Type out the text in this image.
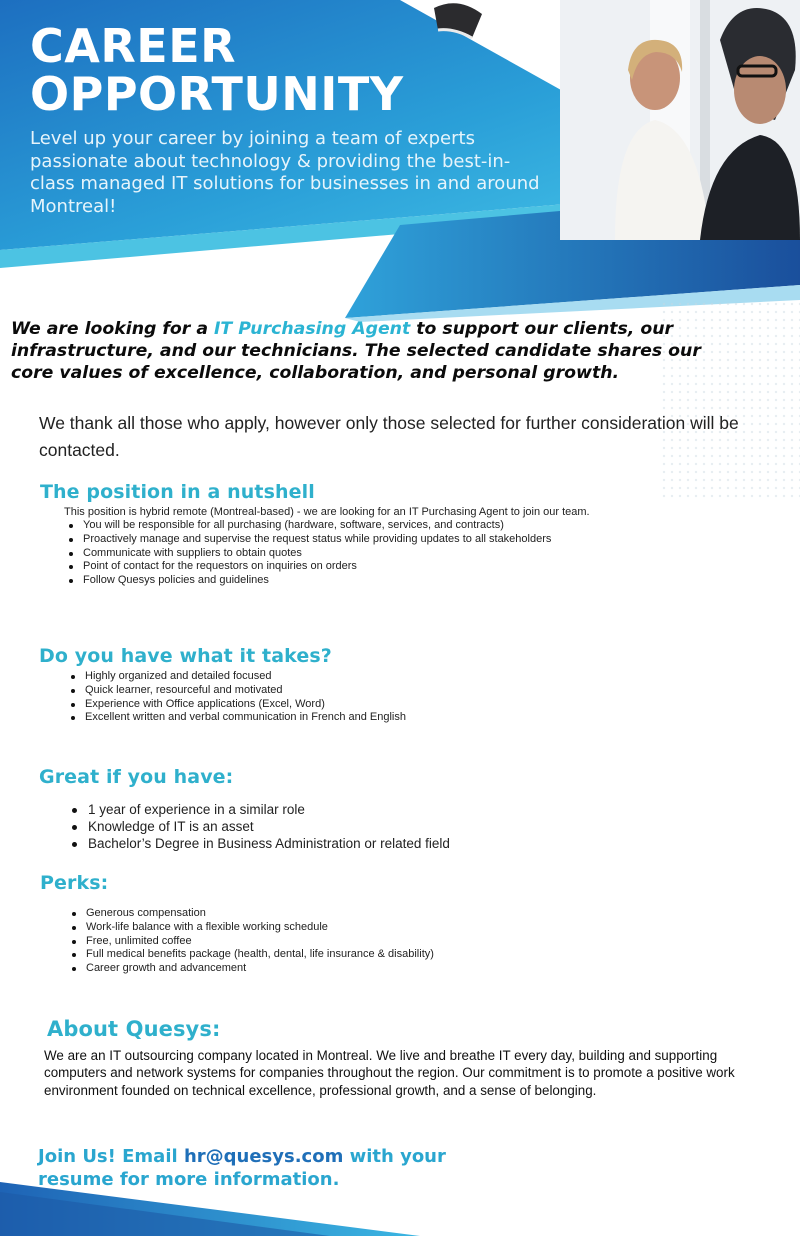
CAREER
OPPORTUNITY

Level up your career by joining a team of experts passionate about technology & providing the best-in-class managed IT solutions for businesses in and around Montreal!

We are looking for a IT Purchasing Agent to support our clients, our infrastructure, and our technicians. The selected candidate shares our core values of excellence, collaboration, and personal growth.

We thank all those who apply, however only those selected for further consideration will be contacted.

The position in a nutshell

This position is hybrid remote (Montreal-based) - we are looking for an IT Purchasing Agent to join our team.

You will be responsible for all purchasing (hardware, software, services, and contracts)
Proactively manage and supervise the request status while providing updates to all stakeholders
Communicate with suppliers to obtain quotes
Point of contact for the requestors on inquiries on orders
Follow Quesys policies and guidelines
Do you have what it takes?
Highly organized and detailed focused
Quick learner, resourceful and motivated
Experience with Office applications (Excel, Word)
Excellent written and verbal communication in French and English
Great if you have:
1 year of experience in a similar role
Knowledge of IT is an asset
Bachelor’s Degree in Business Administration or related field
Perks:
Generous compensation
Work-life balance with a flexible working schedule
Free, unlimited coffee
Full medical benefits package (health, dental, life insurance & disability)
Career growth and advancement
About Quesys:

We are an IT outsourcing company located in Montreal. We live and breathe IT every day, building and supporting computers and network systems for companies throughout the region. Our commitment is to promote a positive work environment founded on technical excellence, professional growth, and a sense of belonging.

Join Us! Email hr@quesys.com with your resume for more information.
